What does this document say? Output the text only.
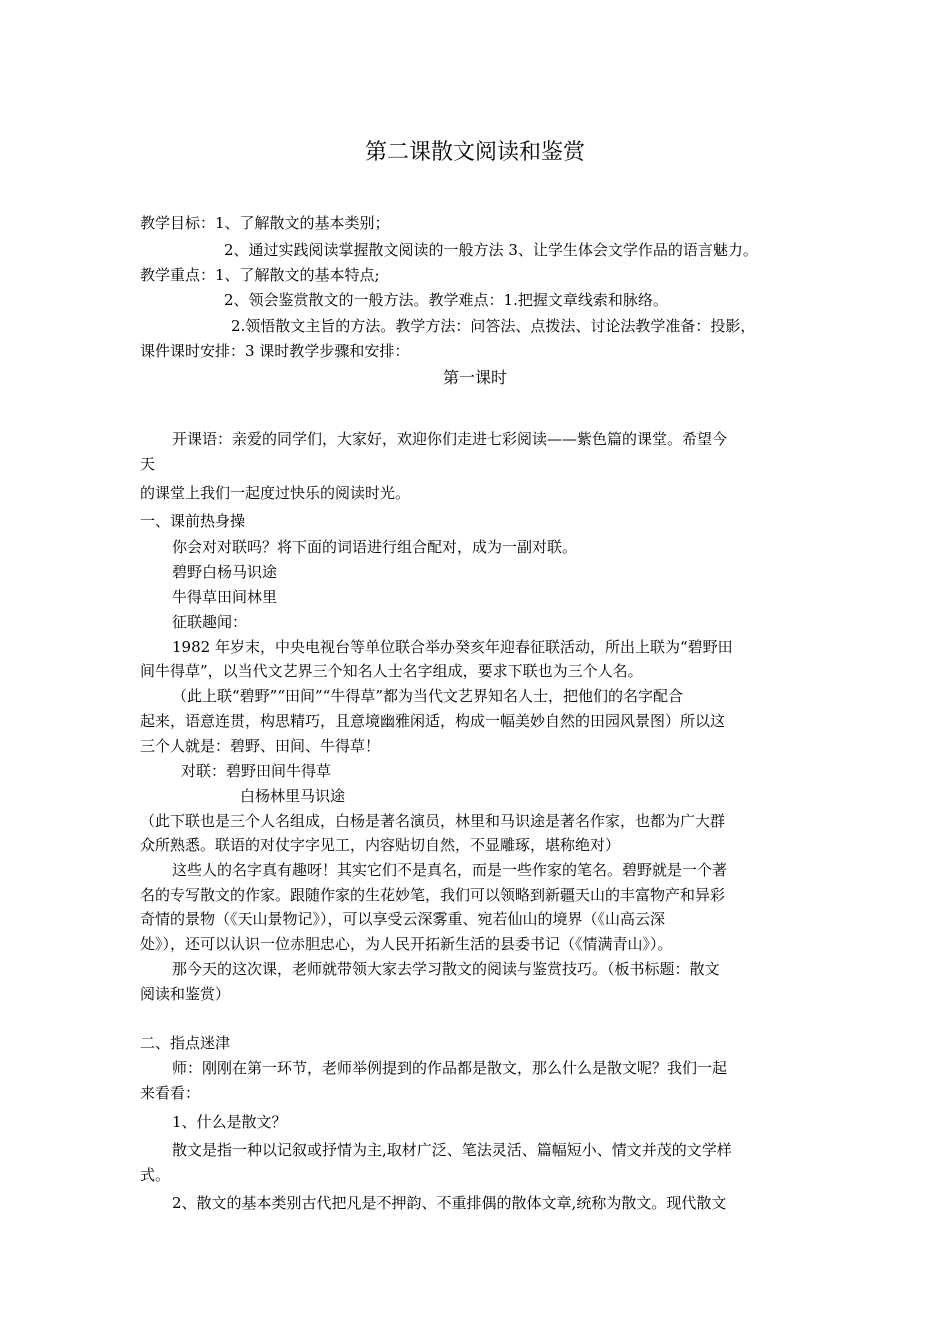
第二课散文阅读和鉴赏
教学目标：1、了解散文的基本类别；
2、通过实践阅读掌握散文阅读的一般方法 3、让学生体会文学作品的语言魅力。
教学重点：1、了解散文的基本特点;
2、领会鉴赏散文的一般方法。教学难点：1.把握文章线索和脉络。
2.领悟散文主旨的方法。教学方法：问答法、点拨法、讨论法教学准备：投影，
课件课时安排：3 课时教学步骤和安排：
第一课时
开课语：亲爱的同学们，大家好，欢迎你们走进七彩阅读——紫色篇的课堂。希望今
天
的课堂上我们一起度过快乐的阅读时光。
一、课前热身操
你会对对联吗？将下面的词语进行组合配对，成为一副对联。
碧野白杨马识途
牛得草田间林里
征联趣闻：
1982 年岁末，中央电视台等单位联合举办癸亥年迎春征联活动，所出上联为“碧野田
间牛得草”，以当代文艺界三个知名人士名字组成，要求下联也为三个人名。
（此上联“碧野”“田间”“牛得草”都为当代文艺界知名人士，把他们的名字配合
起来，语意连贯，构思精巧，且意境幽雅闲适，构成一幅美妙自然的田园风景图）所以这
三个人就是：碧野、田间、牛得草！
对联：碧野田间牛得草
白杨林里马识途
（此下联也是三个人名组成，白杨是著名演员，林里和马识途是著名作家，也都为广大群
众所熟悉。联语的对仗字字见工，内容贴切自然，不显雕琢，堪称绝对）
这些人的名字真有趣呀！其实它们不是真名，而是一些作家的笔名。碧野就是一个著
名的专写散文的作家。跟随作家的生花妙笔，我们可以领略到新疆天山的丰富物产和异彩
奇情的景物（《天山景物记》），可以享受云深雾重、宛若仙山的境界（《山高云深
处》），还可以认识一位赤胆忠心，为人民开拓新生活的县委书记（《情满青山》）。
那今天的这次课，老师就带领大家去学习散文的阅读与鉴赏技巧。（板书标题：散文
阅读和鉴赏）
二、指点迷津
师：刚刚在第一环节，老师举例提到的作品都是散文，那么什么是散文呢？我们一起
来看看：
1、什么是散文？
散文是指一种以记叙或抒情为主,取材广泛、笔法灵活、篇幅短小、情文并茂的文学样
式。
2、散文的基本类别古代把凡是不押韵、不重排偶的散体文章,统称为散文。现代散文
